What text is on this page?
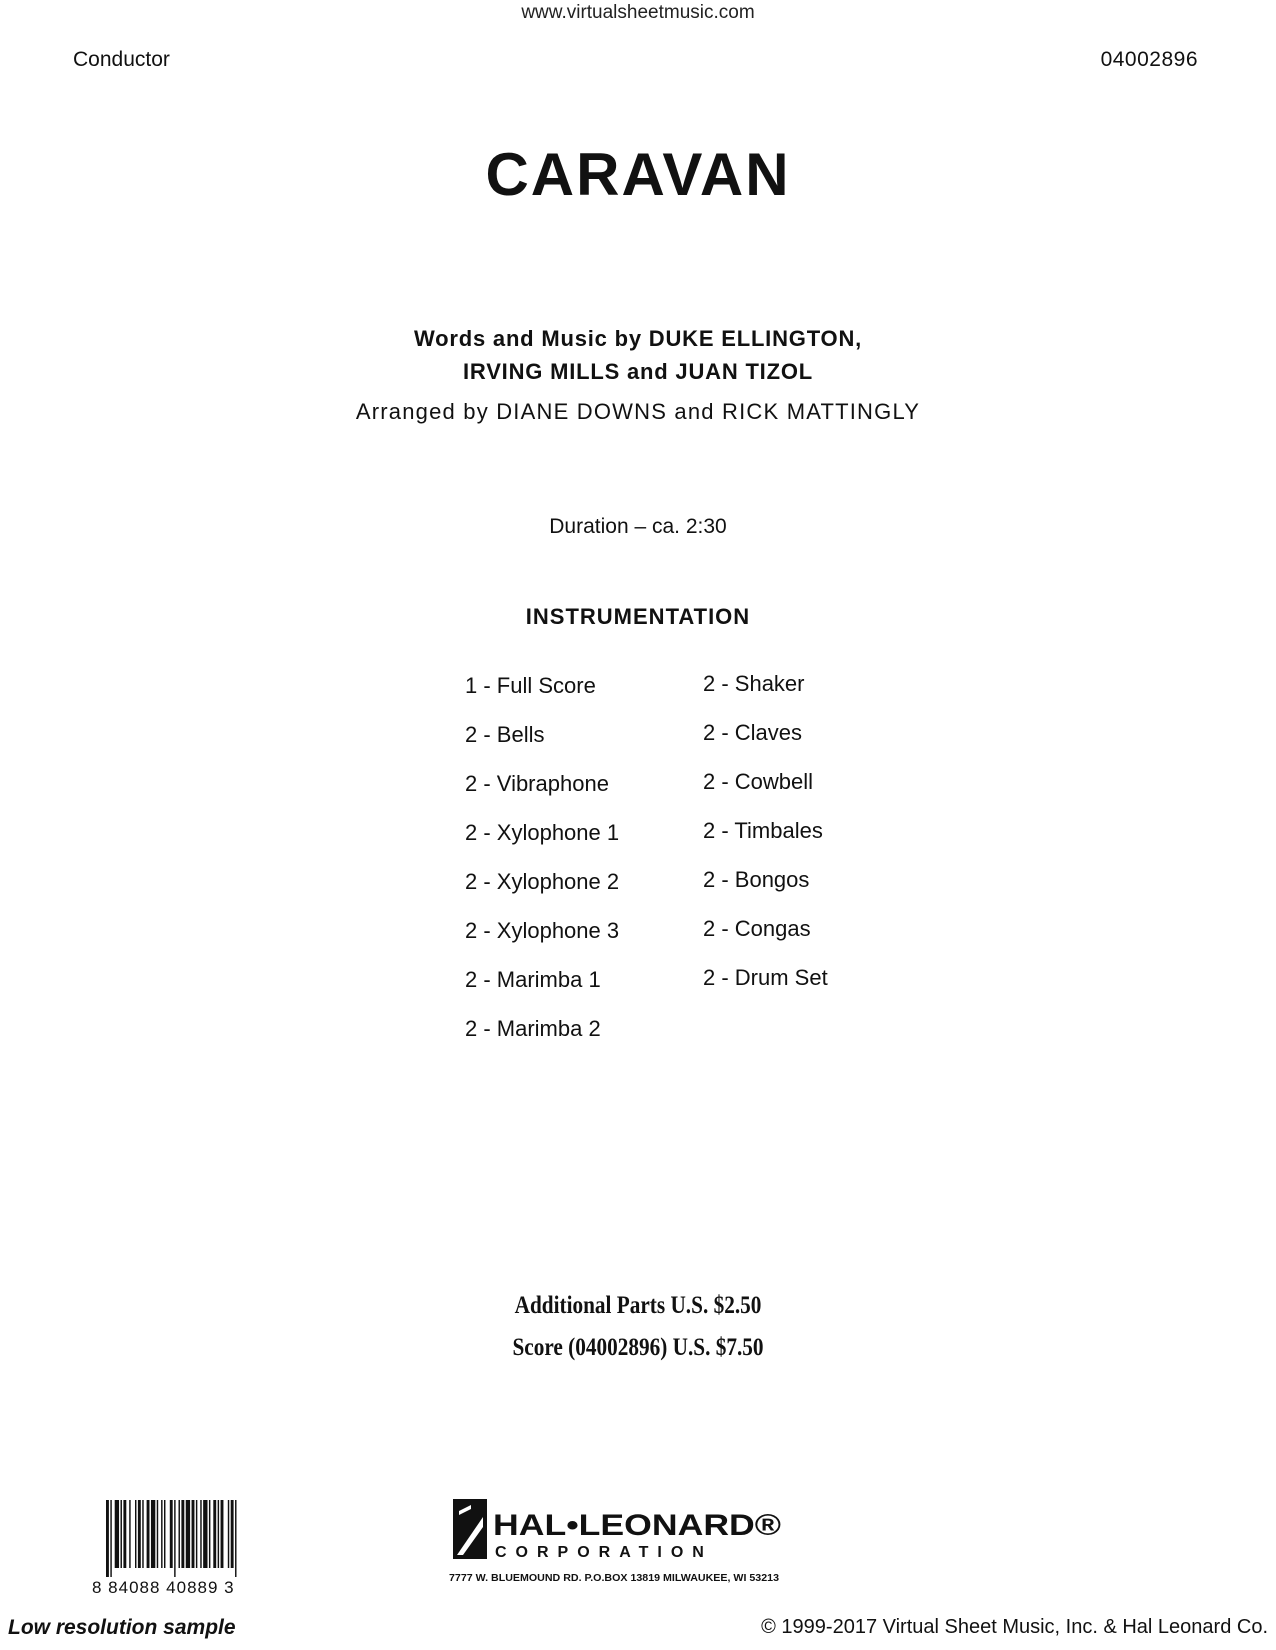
www.virtualsheetmusic.com
Conductor	04002896
CARAVAN
Words and Music by DUKE ELLINGTON,
IRVING MILLS and JUAN TIZOL
Arranged by DIANE DOWNS and RICK MATTINGLY
Duration – ca. 2:30
INSTRUMENTATION
1 - Full Score
2 - Bells
2 - Vibraphone
2 - Xylophone 1
2 - Xylophone 2
2 - Xylophone 3
2 - Marimba 1
2 - Marimba 2
2 - Shaker
2 - Claves
2 - Cowbell
2 - Timbales
2 - Bongos
2 - Congas
2 - Drum Set
Additional Parts U.S. $2.50
Score (04002896) U.S. $7.50
8 84088 40889 3
HAL•LEONARD®
CORPORATION
7777 W. BLUEMOUND RD. P.O.BOX 13819 MILWAUKEE, WI 53213
Low resolution sample	© 1999-2017 Virtual Sheet Music, Inc. & Hal Leonard Co.
